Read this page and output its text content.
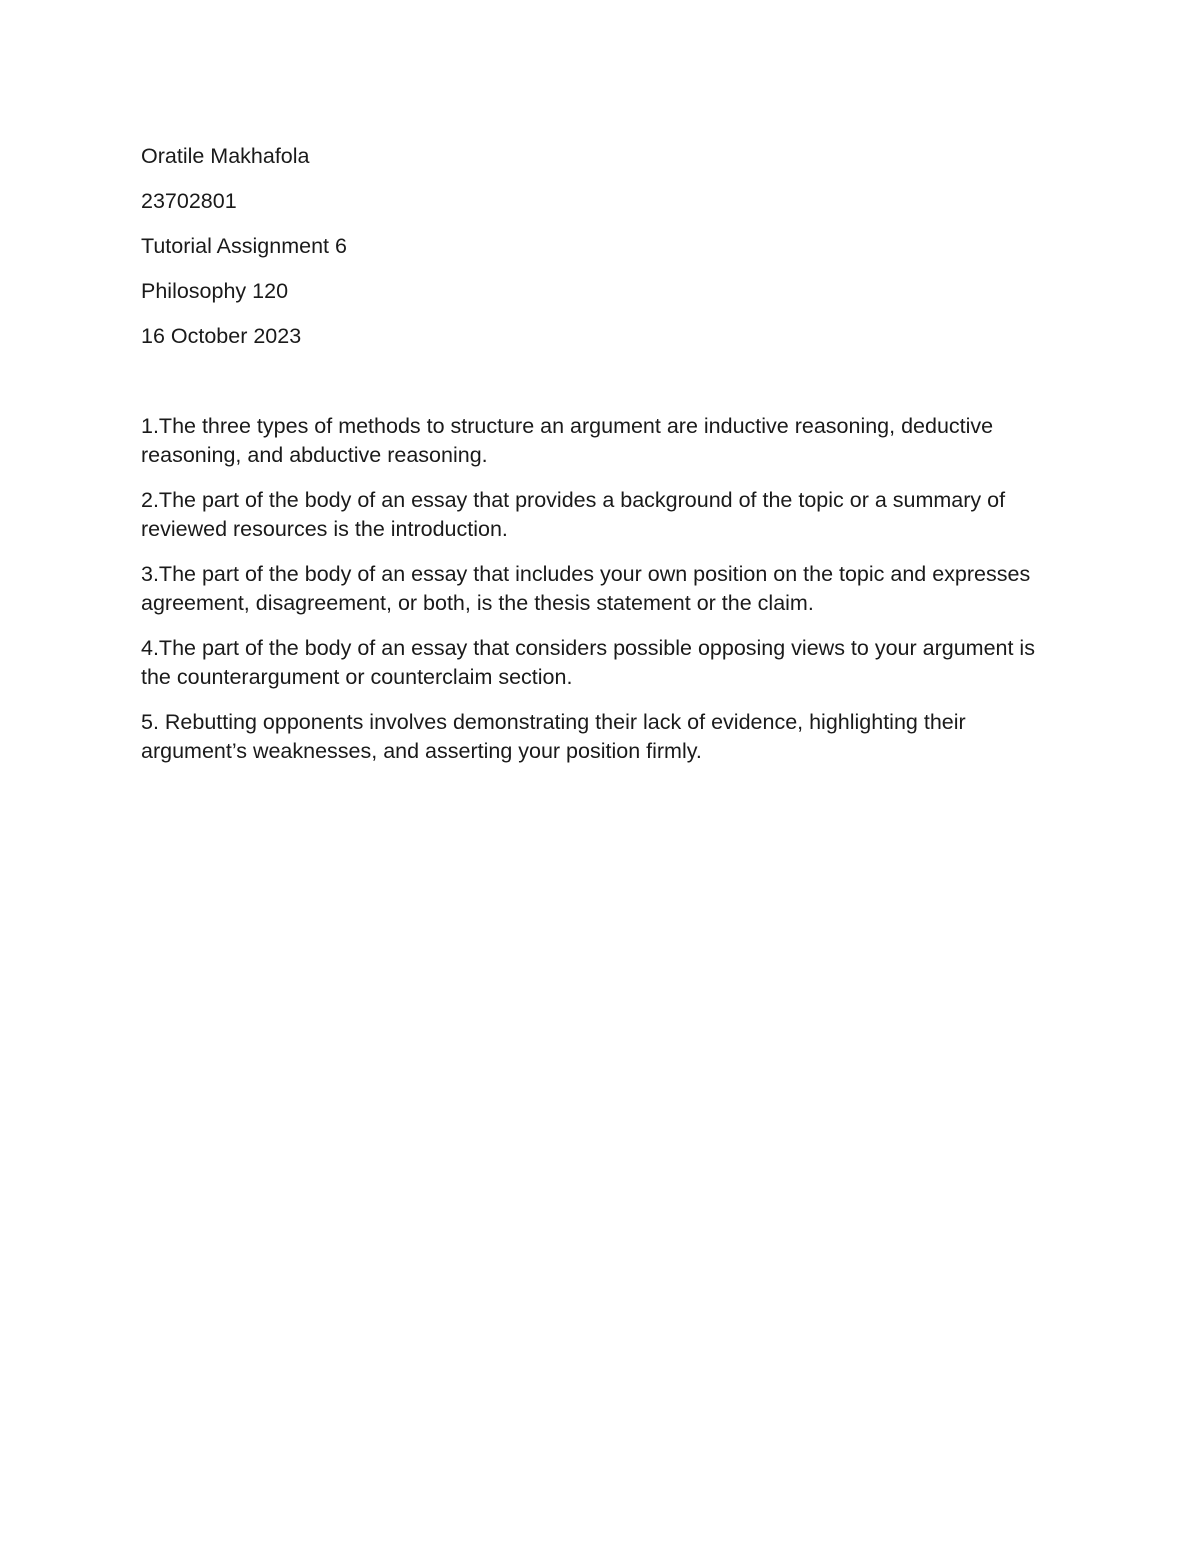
Oratile Makhafola

23702801

Tutorial Assignment 6

Philosophy 120

16 October 2023

1.The three types of methods to structure an argument are inductive reasoning, deductive reasoning, and abductive reasoning.

2.The part of the body of an essay that provides a background of the topic or a summary of reviewed resources is the introduction.

3.The part of the body of an essay that includes your own position on the topic and expresses agreement, disagreement, or both, is the thesis statement or the claim.

4.The part of the body of an essay that considers possible opposing views to your argument is the counterargument or counterclaim section.

5. Rebutting opponents involves demonstrating their lack of evidence, highlighting their argument’s weaknesses, and asserting your position firmly.
